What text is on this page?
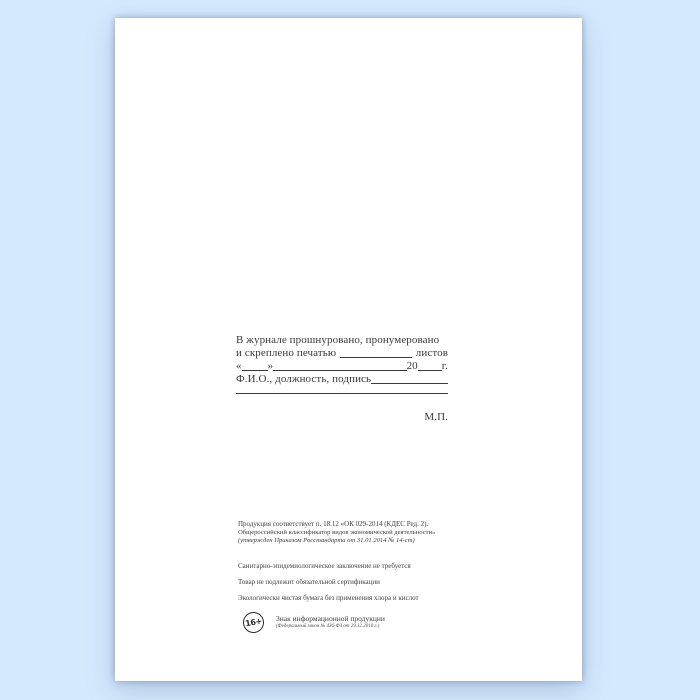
В журнале прошнуровано, пронумеровано
и скреплено печатью	листов
« »	20 г.
Ф.И.О., должность, подпись
М.П.
Продукция соответствует п. 18.12 «ОК 029-2014 (КДЕС Ред. 2).
Общероссийский классификатор видов экономической деятельности»
(утвержден Приказом Росстандарта от 31.01.2014 № 14-ст)
Санитарно-эпидемиологическое заключение не требуется
Товар не подлежит обязательной сертификации
Экологически чистая бумага без применения хлора и кислот
16+ Знак информационной продукции
(Федеральный закон № 436-ФЗ от 29.12.2010 г.)
